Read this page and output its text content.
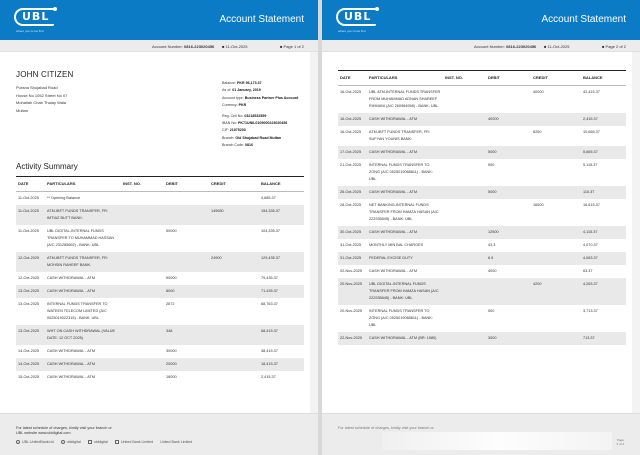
UBL
where you come first
Account Statement
Account Number: 0816-223020456 ■ 11-Oct-2025	■ Page 1 of 2
JOHN CITIZEN
Purana Shujabad Road
House No 1052 Street No 07
Mohallah Chah Thalay Wala
Multan
Balance: PKR 96,173.37
As of: 01 January, 2019
Account type: Business Partner Plus Account
Currency: PKR
Reg. Cell No: 03218532559
IBAN No: PK71UNIL0109000223020456
CIF: 21975200
Branch: Old Shujabad Road Multan
Branch Code: 0816
Activity Summary
DATE	PARTICULARS	INST. NO.	DEBIT	CREDIT	BALANCE
11-Oct-2025	** Opening Balance				4,685.37
11-Oct-2025	ATM-IBFT FUNDS TRANSFER, FR: IMTIAZ BUTT BANK:			149650	154,335.37
11-Oct-2025	UBL DIGITAL-INTERNAL FUNDS TRANSFER TO MUHAMMAD HASSAN (A/C 231285692) - BANK: UBL		50000		104,335.37
12-Oct-2025	ATM-IBFT FUNDS TRANSFER, FR: MOHSIN RAHEEF BANK:			24900	129,435.37
12-Oct-2025	CASH WITHDRAWAL - ATM		50000		79,435.37
13-Oct-2025	CASH WITHDRAWAL - ATM		8000		71,435.37
13-Oct-2025	INTERNAL FUNDS TRANSFER TO WATEEN TELECOM LIMITED (A/C 0525019022315) - BANK: UBL		2672		68,763.37
13-Oct-2025	WHT ON CASH WITHDRAWAL (VALUE DATE: 12 OCT 2025)		348		68,415.37
14-Oct-2025	CASH WITHDRAWAL - ATM		30000		38,415.37
14-Oct-2025	CASH WITHDRAWAL - ATM		20000		18,415.37
15-Oct-2025	CASH WITHDRAWAL - ATM		16000		2,415.37
For latest schedule of charges, kindly visit your branch or
UBL website www.ubldigital.com
UBL.UnitedBankLtd	ubldigital	ubldigital	United Bank Limited United Bank Limited
UBL
where you come first
Account Statement
Account Number: 0816-223020456 ■ 11-Oct-2025	■ Page 2 of 2
DATE	PARTICULARS	INST. NO.	DEBIT	CREDIT	BALANCE
16-Oct-2025	UBL ATM-INTERNAL FUNDS TRANSFER FROM MUHAMMAD ADNAN SHAREEF RIHMANI (A/C 260964958) - BANK: UBL			40000	42,415.37
16-Oct-2025	CASH WITHDRAWAL - ATM		40000		2,415.37
16-Oct-2025	ATM-IBFT FUNDS TRANSFER, FR: SUFYAN YOUNIS BANK:			8250	10,665.37
17-Oct-2025	CASH WITHDRAWAL - ATM		5000		5,665.37
21-Oct-2025	INTERNAL FUNDS TRANSFER TO ZONG (A/C 0525019068811) - BANK: UBL		500		5,115.37
26-Oct-2025	CASH WITHDRAWAL - ATM		5000		115.37
28-Oct-2025	NET BANKING-INTERNAL FUNDS TRANSFER FROM HAMZA HASAN (A/C 222935845) - BANK: UBL			16500	16,615.37
30-Oct-2025	CASH WITHDRAWAL - ATM		12500		4,115.37
31-Oct-2025	MONTHLY MIN BAL CHARGES		43.3		4,070.37
31-Oct-2025	FEDERAL EXCISE DUTY		6.9		4,063.37
02-Nov-2025	CASH WITHDRAWAL - ATM		4000		63.37
20-Nov-2025	UBL DIGITAL-INTERNAL FUNDS TRANSFER FROM HAMZA HASAN (A/C 222935845) - BANK: UBL			4200	4,263.37
20-Nov-2025	INTERNAL FUNDS TRANSFER TO ZONG (A/C 0525019068811) - BANK: UBL		500		3,713.37
22-Nov-2025	CASH WITHDRAWAL - ATM (BR: 1580)		3000		713.37
For latest schedule of charges, kindly visit your branch or
Page
2 of 2
